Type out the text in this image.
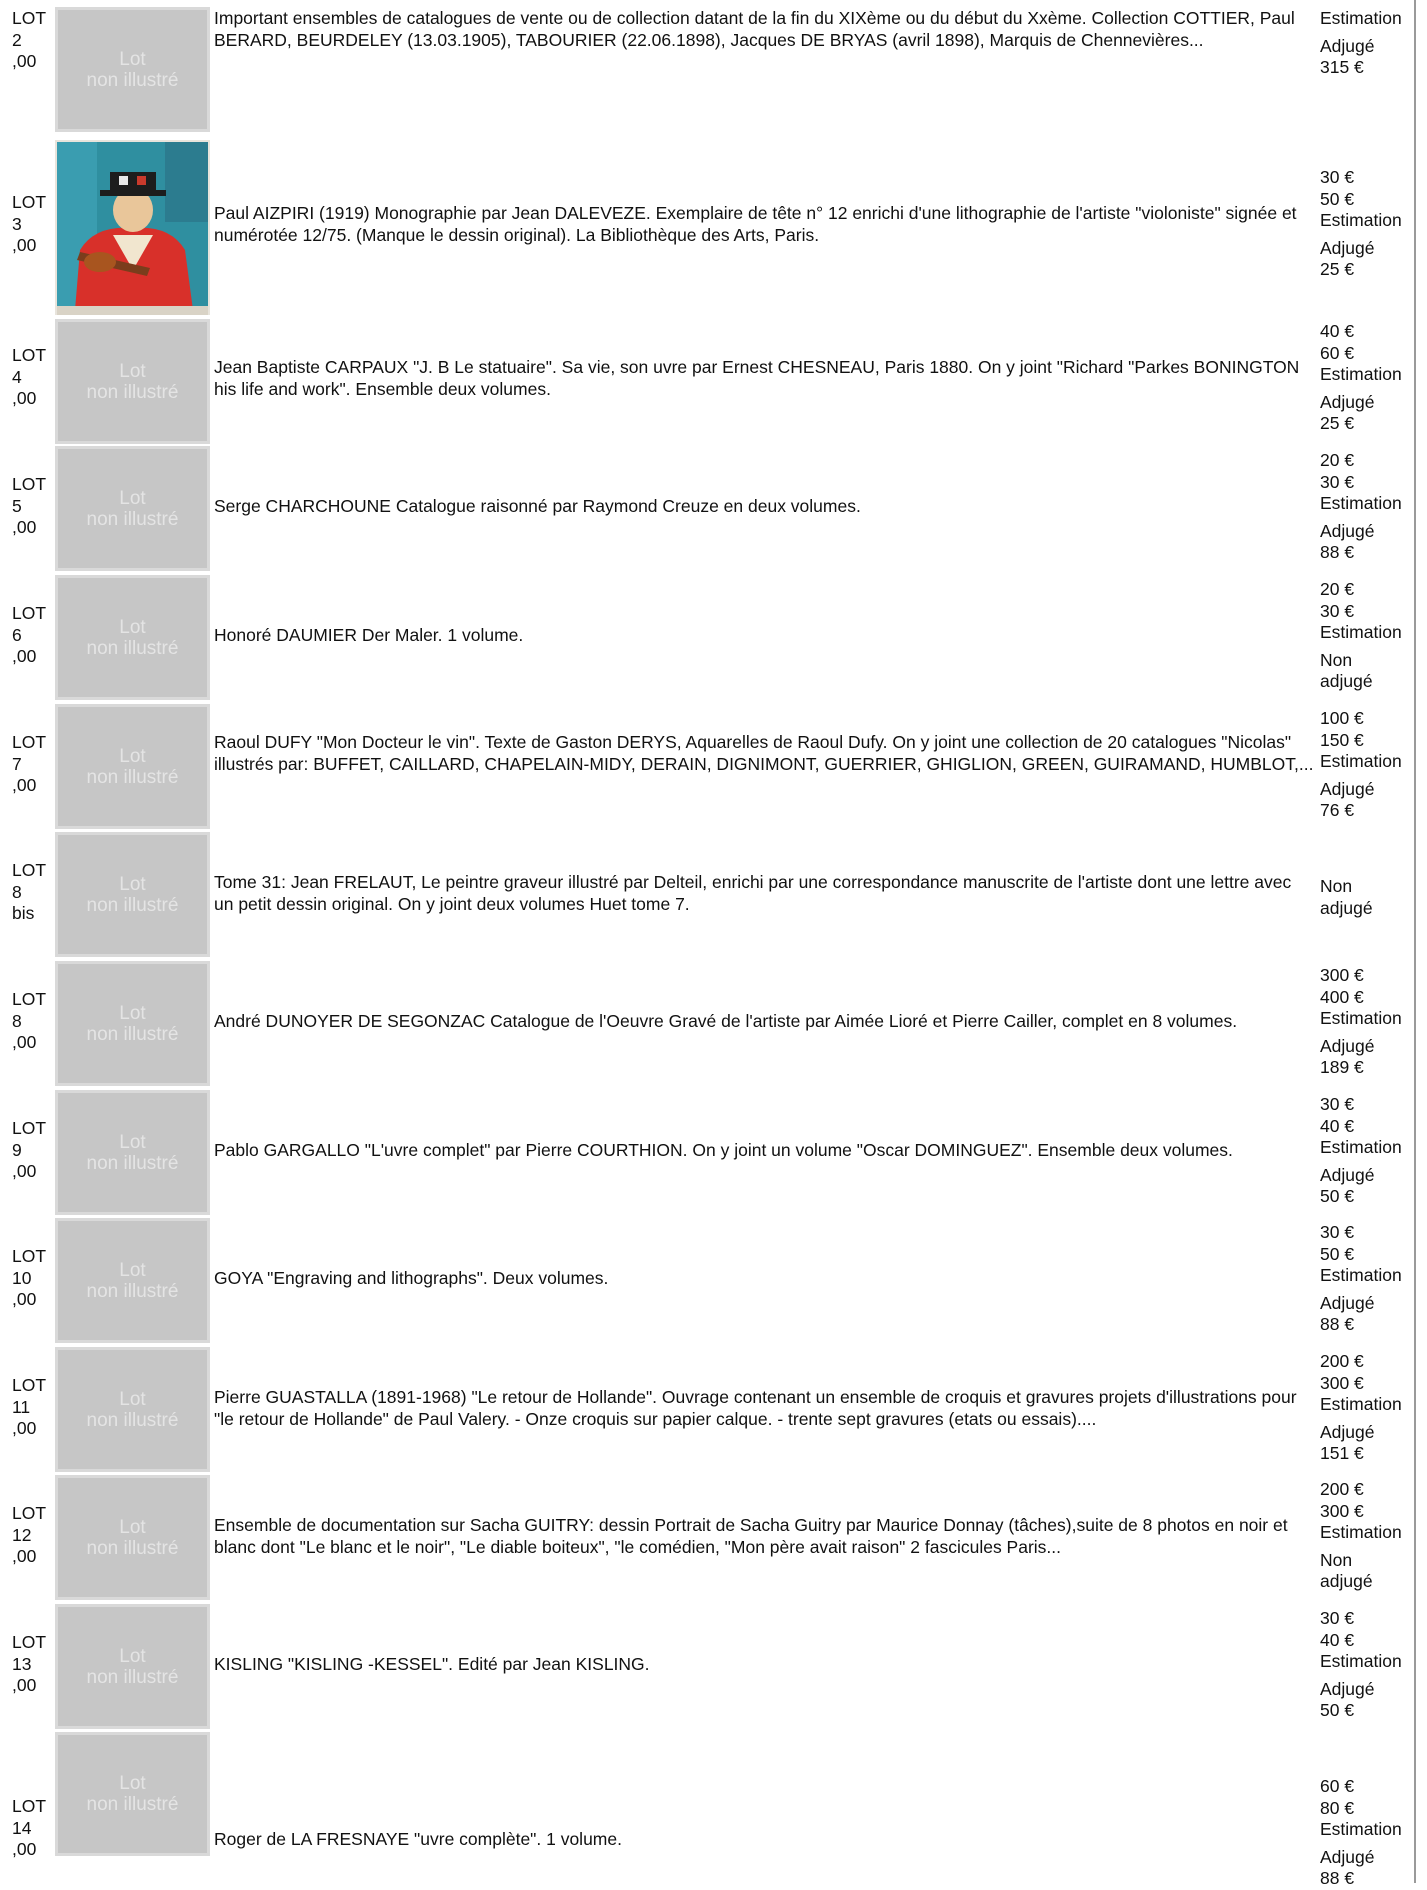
LOT
2
,00	Lot
non illustré
Important ensembles de catalogues de vente ou de collection datant de la fin du XIXème ou du début du Xxème. Collection COTTIER, Paul BERARD, BEURDELEY (13.03.1905), TABOURIER (22.06.1898), Jacques DE BRYAS (avril 1898), Marquis de Chennevières...
Estimation
Adjugé
315 €
LOT
3
,00
Paul AIZPIRI (1919) Monographie par Jean DALEVEZE. Exemplaire de tête n° 12 enrichi d'une lithographie de l'artiste "violoniste" signée et numérotée 12/75. (Manque le dessin original). La Bibliothèque des Arts, Paris.
30 €
50 €
Estimation
Adjugé
25 €
LOT
4
,00
Lot
non illustré
Jean Baptiste CARPAUX "J. B Le statuaire". Sa vie, son uvre par Ernest CHESNEAU, Paris 1880. On y joint "Richard "Parkes BONINGTON his life and work". Ensemble deux volumes.
40 €
60 €
Estimation
Adjugé
25 €
LOT
5
,00
Lot
non illustré
Serge CHARCHOUNE Catalogue raisonné par Raymond Creuze en deux volumes.
20 €
30 €
Estimation
Adjugé
88 €
LOT
6
,00
Lot
non illustré
Honoré DAUMIER Der Maler. 1 volume.
20 €
30 €
Estimation
Non
adjugé
LOT
7
,00
Lot
non illustré
Raoul DUFY "Mon Docteur le vin". Texte de Gaston DERYS, Aquarelles de Raoul Dufy. On y joint une collection de 20 catalogues "Nicolas" illustrés par: BUFFET, CAILLARD, CHAPELAIN-MIDY, DERAIN, DIGNIMONT, GUERRIER, GHIGLION, GREEN, GUIRAMAND, HUMBLOT,...
100 €
150 €
Estimation
Adjugé
76 €
LOT
8
bis
Lot
non illustré
Tome 31: Jean FRELAUT, Le peintre graveur illustré par Delteil, enrichi par une correspondance manuscrite de l'artiste dont une lettre avec un petit dessin original. On y joint deux volumes Huet tome 7.
Non
adjugé
LOT
8
,00
Lot
non illustré
André DUNOYER DE SEGONZAC Catalogue de l'Oeuvre Gravé de l'artiste par Aimée Lioré et Pierre Cailler, complet en 8 volumes.
300 €
400 €
Estimation
Adjugé
189 €
LOT
9
,00
Lot
non illustré
Pablo GARGALLO "L'uvre complet" par Pierre COURTHION. On y joint un volume "Oscar DOMINGUEZ". Ensemble deux volumes.
30 €
40 €
Estimation
Adjugé
50 €
LOT
10
,00
Lot
non illustré
GOYA "Engraving and lithographs". Deux volumes.
30 €
50 €
Estimation
Adjugé
88 €
LOT
11
,00
Lot
non illustré
Pierre GUASTALLA (1891-1968) "Le retour de Hollande". Ouvrage contenant un ensemble de croquis et gravures projets d'illustrations pour "le retour de Hollande" de Paul Valery. - Onze croquis sur papier calque. - trente sept gravures (etats ou essais)....
200 €
300 €
Estimation
Adjugé
151 €
LOT
12
,00
Lot
non illustré
Ensemble de documentation sur Sacha GUITRY: dessin Portrait de Sacha Guitry par Maurice Donnay (tâches),suite de 8 photos en noir et blanc dont "Le blanc et le noir", "Le diable boiteux", "le comédien, "Mon père avait raison" 2 fascicules Paris...
200 €
300 €
Estimation
Non
adjugé
LOT
13
,00
Lot
non illustré
KISLING "KISLING -KESSEL". Edité par Jean KISLING.
30 €
40 €
Estimation
Adjugé
50 €
LOT
14
,00
Lot
non illustré
Roger de LA FRESNAYE "uvre complète". 1 volume.
60 €
80 €
Estimation
Adjugé
88 €
